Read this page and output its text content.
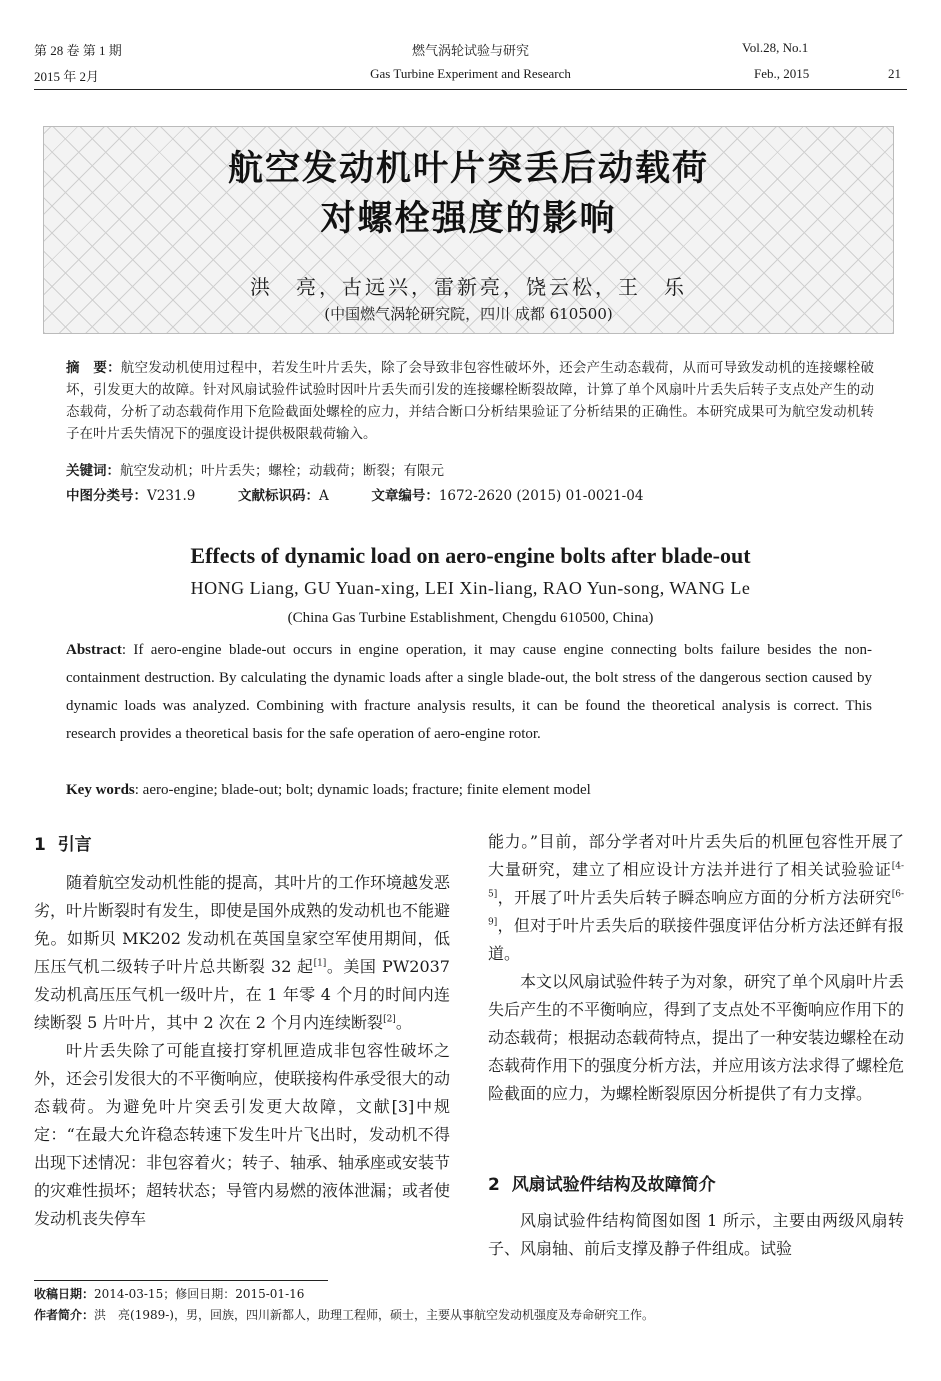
第 28 卷 第 1 期
2015 年 2月
燃气涡轮试验与研究
Gas Turbine Experiment and Research
Vol.28, No.1
Feb., 2015	21
航空发动机叶片突丢后动载荷
对螺栓强度的影响
洪　亮，古远兴，雷新亮，饶云松，王　乐
(中国燃气涡轮研究院，四川 成都 610500)
摘　要：航空发动机使用过程中，若发生叶片丢失，除了会导致非包容性破坏外，还会产生动态载荷，从而可导致发动机的连接螺栓破坏，引发更大的故障。针对风扇试验件试验时因叶片丢失而引发的连接螺栓断裂故障，计算了单个风扇叶片丢失后转子支点处产生的动态载荷，分析了动态载荷作用下危险截面处螺栓的应力，并结合断口分析结果验证了分析结果的正确性。本研究成果可为航空发动机转子在叶片丢失情况下的强度设计提供极限载荷输入。
关键词：航空发动机；叶片丢失；螺栓；动载荷；断裂；有限元
中图分类号：V231.9	文献标识码：A	文章编号：1672-2620 (2015) 01-0021-04
Effects of dynamic load on aero-engine bolts after blade-out
HONG Liang, GU Yuan-xing, LEI Xin-liang, RAO Yun-song, WANG Le
(China Gas Turbine Establishment, Chengdu 610500, China)
Abstract: If aero-engine blade-out occurs in engine operation, it may cause engine connecting bolts failure besides the non-containment destruction. By calculating the dynamic loads after a single blade-out, the bolt stress of the dangerous section caused by dynamic loads was analyzed. Combining with fracture analysis results, it can be found the theoretical analysis is correct. This research provides a theoretical basis for the safe operation of aero-engine rotor.
Key words: aero-engine; blade-out; bolt; dynamic loads; fracture; finite element model
1 引言

随着航空发动机性能的提高，其叶片的工作环境越发恶劣，叶片断裂时有发生，即使是国外成熟的发动机也不能避免。如斯贝 MK202 发动机在英国皇家空军使用期间，低压压气机二级转子叶片总共断裂 32 起[1]。美国 PW2037 发动机高压压气机一级叶片，在 1 年零 4 个月的时间内连续断裂 5 片叶片，其中 2 次在 2 个月内连续断裂[2]。

叶片丢失除了可能直接打穿机匣造成非包容性破坏之外，还会引发很大的不平衡响应，使联接构件承受很大的动态载荷。为避免叶片突丢引发更大故障，文献[3]中规定：“在最大允许稳态转速下发生叶片飞出时，发动机不得出现下述情况：非包容着火；转子、轴承、轴承座或安装节的灾难性损坏；超转状态；导管内易燃的液体泄漏；或者使发动机丧失停车

能力。”目前，部分学者对叶片丢失后的机匣包容性开展了大量研究，建立了相应设计方法并进行了相关试验验证[4-5]，开展了叶片丢失后转子瞬态响应方面的分析方法研究[6-9]，但对于叶片丢失后的联接件强度评估分析方法还鲜有报道。

本文以风扇试验件转子为对象，研究了单个风扇叶片丢失后产生的不平衡响应，得到了支点处不平衡响应作用下的动态载荷；根据动态载荷特点，提出了一种安装边螺栓在动态载荷作用下的强度分析方法，并应用该方法求得了螺栓危险截面的应力，为螺栓断裂原因分析提供了有力支撑。

2 风扇试验件结构及故障简介

风扇试验件结构简图如图 1 所示，主要由两级风扇转子、风扇轴、前后支撑及静子件组成。试验

收稿日期：2014-03-15；修回日期：2015-01-16
作者简介：洪　亮(1989-)，男，回族，四川新都人，助理工程师，硕士，主要从事航空发动机强度及寿命研究工作。
